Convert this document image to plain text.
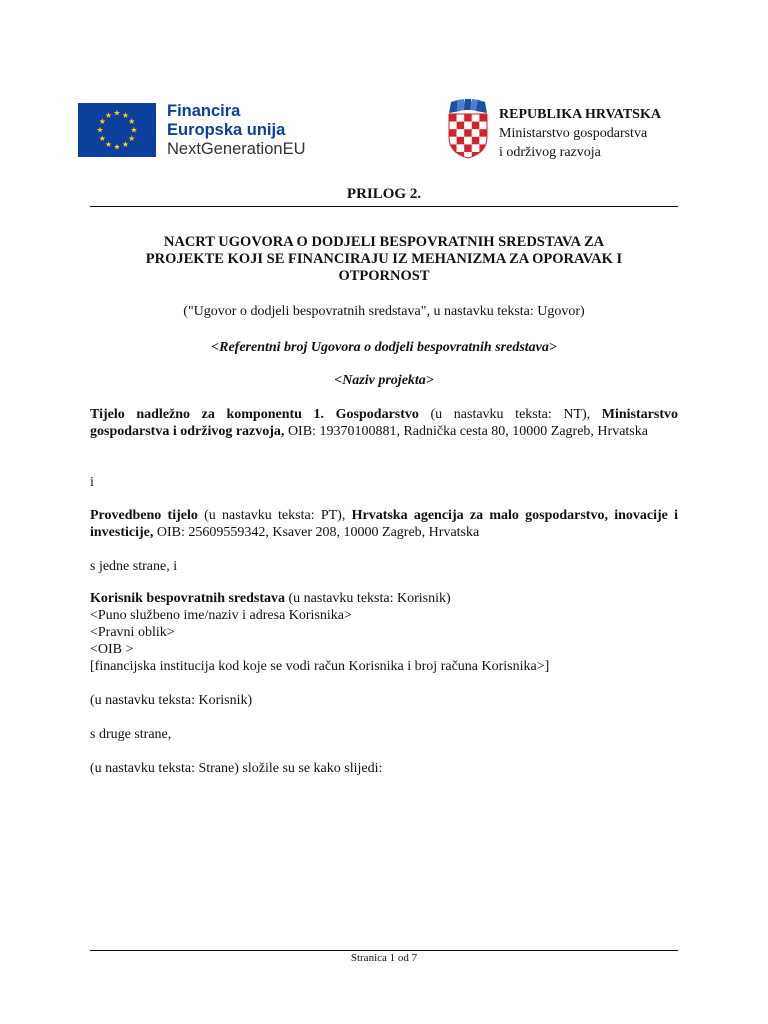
★ ★
★
★
★
★
★
★
★
★
★
★	Financira
Europska unija
NextGenerationEU
REPUBLIKA HRVATSKA
Ministarstvo gospodarstva
i održivog razvoja
PRILOG 2.
NACRT UGOVORA O DODJELI BESPOVRATNIH SREDSTAVA ZA PROJEKTE KOJI SE FINANCIRAJU IZ MEHANIZMA ZA OPORAVAK I OTPORNOST
("Ugovor o dodjeli bespovratnih sredstava", u nastavku teksta: Ugovor)
<Referentni broj Ugovora o dodjeli bespovratnih sredstava>
<Naziv projekta>
Tijelo nadležno za komponentu 1. Gospodarstvo (u nastavku teksta: NT), Ministarstvo gospodarstva i održivog razvoja, OIB: 19370100881, Radnička cesta 80, 10000 Zagreb, Hrvatska
i
Provedbeno tijelo (u nastavku teksta: PT), Hrvatska agencija za malo gospodarstvo, inovacije i investicije, OIB: 25609559342, Ksaver 208, 10000 Zagreb, Hrvatska
s jedne strane, i
Korisnik bespovratnih sredstava (u nastavku teksta: Korisnik)
<Puno službeno ime/naziv i adresa Korisnika>
<Pravni oblik>
<OIB >
[financijska institucija kod koje se vodi račun Korisnika i broj računa Korisnika>]
(u nastavku teksta: Korisnik)
s druge strane,
(u nastavku teksta: Strane) složile su se kako slijedi:
Stranica 1 od 7
